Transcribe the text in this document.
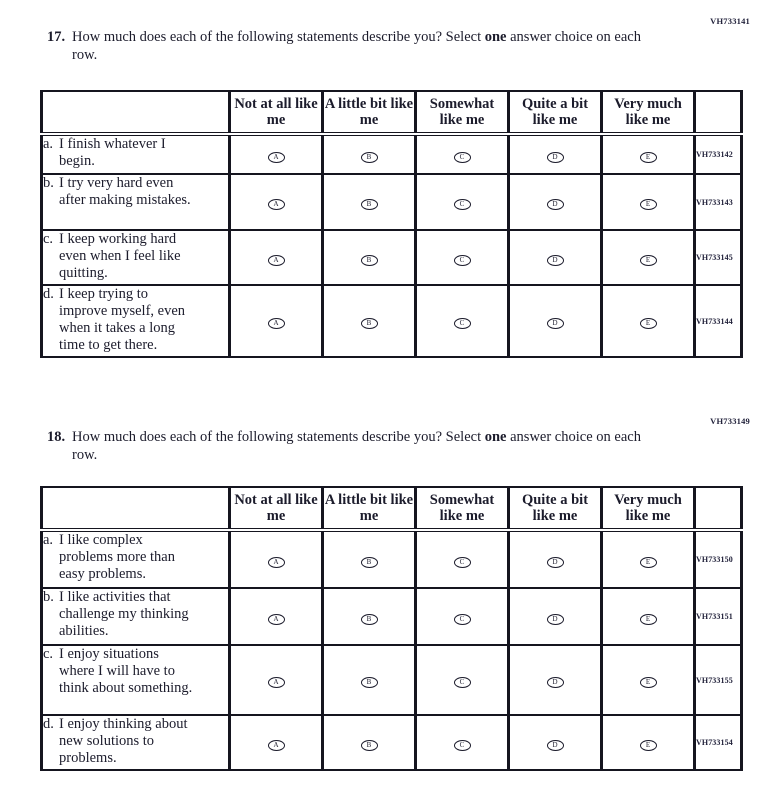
VH733141

17. How much does each of the following statements describe you? Select one answer choice on each row.

	Not at all like me	A little bit like me	Somewhat like me	Quite a bit like me	Very much like me	

a. I finish whatever I begin.	A	B	C	D	E	VH733142

b. I try very hard even after making mistakes.	A	B	C	D	E	VH733143

c. I keep working hard even when I feel like quitting.	A	B	C	D	E	VH733145

d. I keep trying to improve myself, even when it takes a long time to get there.	A	B	C	D	E	VH733144
VH733149

18. How much does each of the following statements describe you? Select one answer choice on each row.

	Not at all like me	A little bit like me	Somewhat like me	Quite a bit like me	Very much like me	

a. I like complex problems more than easy problems.	A	B	C	D	E	VH733150

b. I like activities that challenge my thinking abilities.	A	B	C	D	E	VH733151

c. I enjoy situations where I will have to think about something.	A	B	C	D	E	VH733155

d. I enjoy thinking about new solutions to problems.	A	B	C	D	E	VH733154
